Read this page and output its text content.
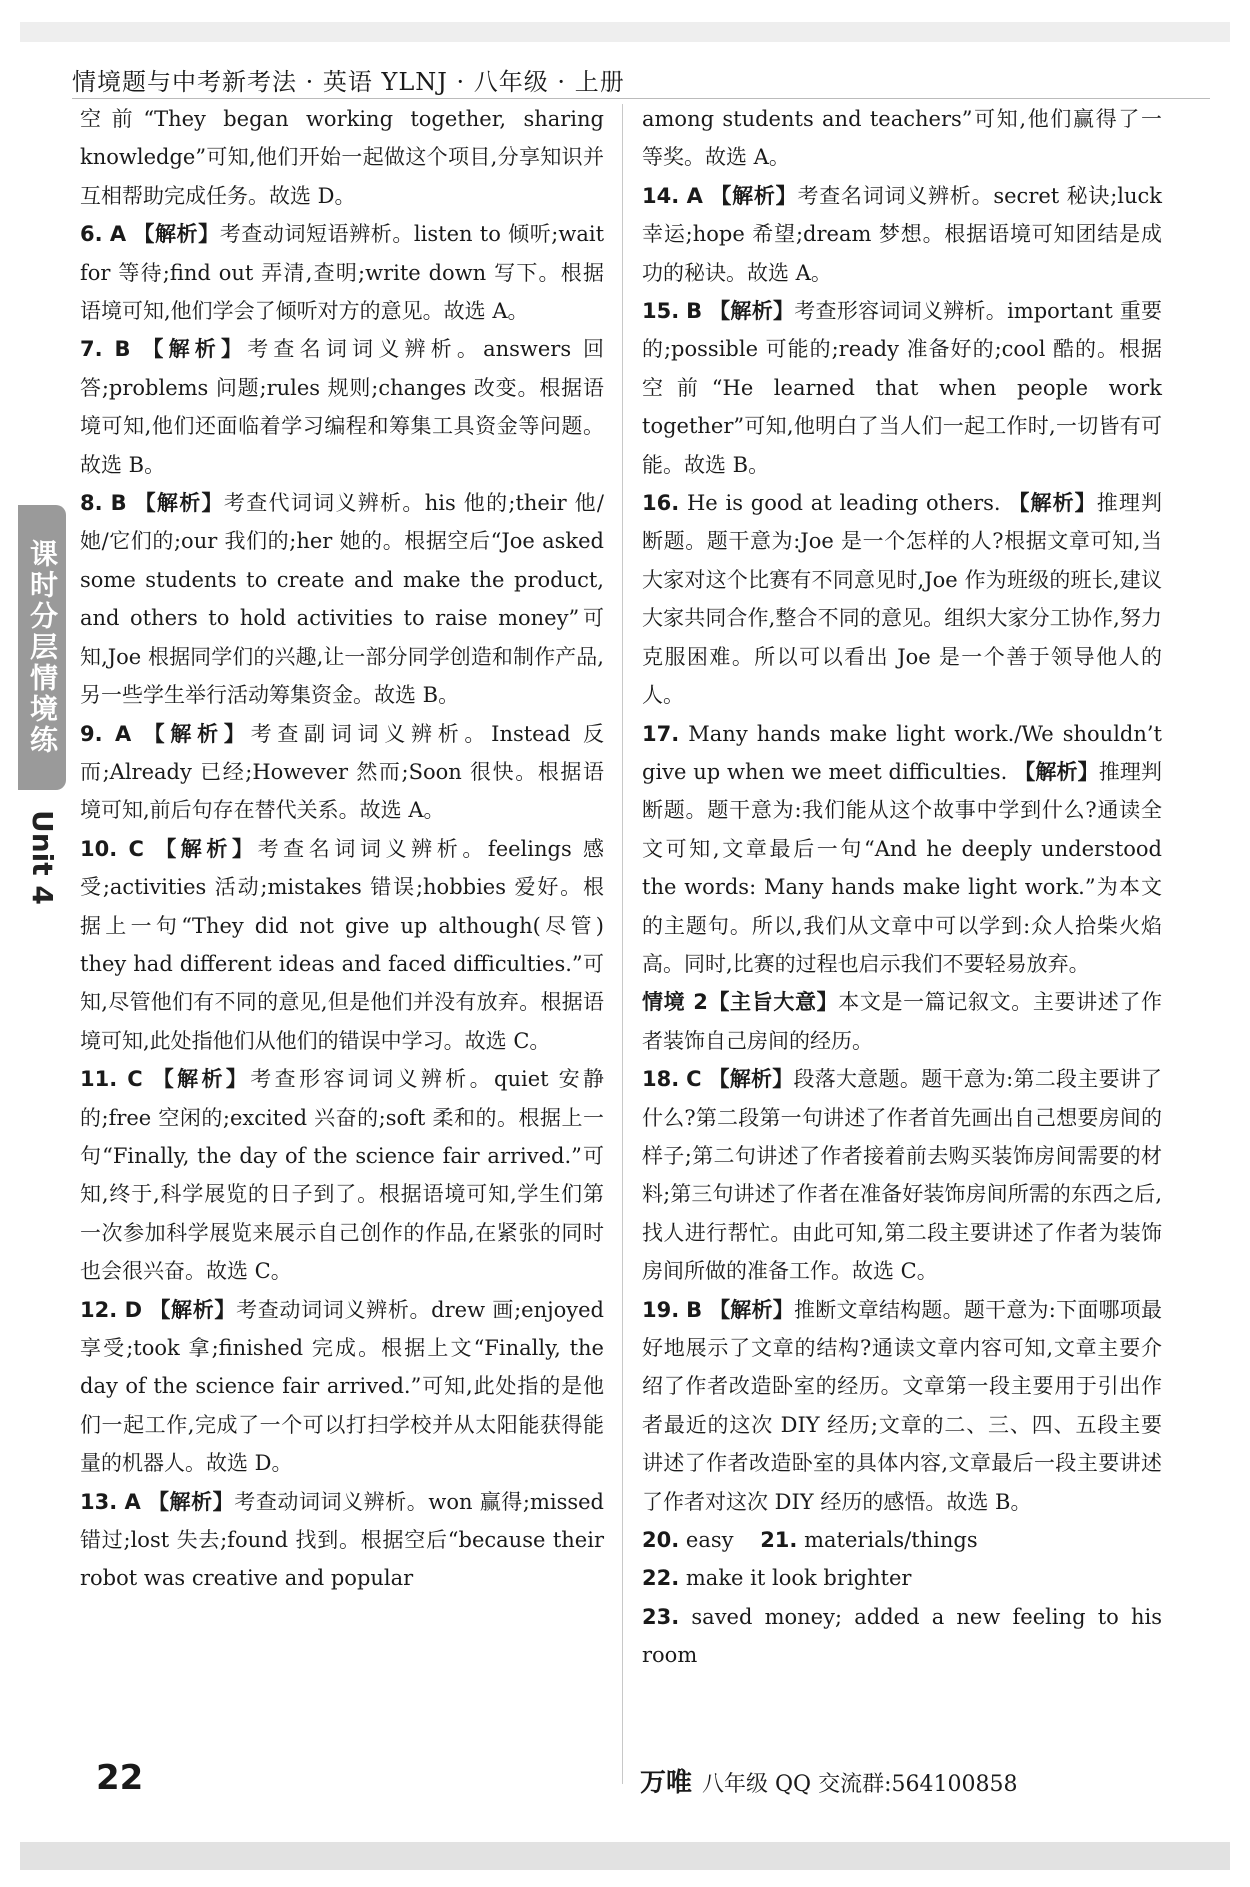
情境题与中考新考法 · 英语 YLNJ · 八年级 · 上册
课时分层情境练
Unit 4
空前“They began working together, sharing knowledge”可知,他们开始一起做这个项目,分享知识并互相帮助完成任务。故选 D。
6. A 【解析】考查动词短语辨析。listen to 倾听;wait for 等待;find out 弄清,查明;write down 写下。根据语境可知,他们学会了倾听对方的意见。故选 A。
7. B 【解析】考查名词词义辨析。answers 回答;problems 问题;rules 规则;changes 改变。根据语境可知,他们还面临着学习编程和筹集工具资金等问题。故选 B。
8. B 【解析】考查代词词义辨析。his 他的;their 他/她/它们的;our 我们的;her 她的。根据空后“Joe asked some students to create and make the product, and others to hold activities to raise money”可知,Joe 根据同学们的兴趣,让一部分同学创造和制作产品,另一些学生举行活动筹集资金。故选 B。
9. A 【解析】考查副词词义辨析。Instead 反而;Already 已经;However 然而;Soon 很快。根据语境可知,前后句存在替代关系。故选 A。
10. C 【解析】考查名词词义辨析。feelings 感受;activities 活动;mistakes 错误;hobbies 爱好。根据上一句“They did not give up although(尽管) they had different ideas and faced difficulties.”可知,尽管他们有不同的意见,但是他们并没有放弃。根据语境可知,此处指他们从他们的错误中学习。故选 C。
11. C 【解析】考查形容词词义辨析。quiet 安静的;free 空闲的;excited 兴奋的;soft 柔和的。根据上一句“Finally, the day of the science fair arrived.”可知,终于,科学展览的日子到了。根据语境可知,学生们第一次参加科学展览来展示自己创作的作品,在紧张的同时也会很兴奋。故选 C。
12. D 【解析】考查动词词义辨析。drew 画;enjoyed 享受;took 拿;finished 完成。根据上文“Finally, the day of the science fair arrived.”可知,此处指的是他们一起工作,完成了一个可以打扫学校并从太阳能获得能量的机器人。故选 D。
13. A 【解析】考查动词词义辨析。won 赢得;missed 错过;lost 失去;found 找到。根据空后“because their robot was creative and popular
among students and teachers”可知,他们赢得了一等奖。故选 A。
14. A 【解析】考查名词词义辨析。secret 秘诀;luck 幸运;hope 希望;dream 梦想。根据语境可知团结是成功的秘诀。故选 A。
15. B 【解析】考查形容词词义辨析。important 重要的;possible 可能的;ready 准备好的;cool 酷的。根据空前“He learned that when people work together”可知,他明白了当人们一起工作时,一切皆有可能。故选 B。
16. He is good at leading others. 【解析】推理判断题。题干意为:Joe 是一个怎样的人?根据文章可知,当大家对这个比赛有不同意见时,Joe 作为班级的班长,建议大家共同合作,整合不同的意见。组织大家分工协作,努力克服困难。所以可以看出 Joe 是一个善于领导他人的人。
17. Many hands make light work./We shouldn’t give up when we meet difficulties. 【解析】推理判断题。题干意为:我们能从这个故事中学到什么?通读全文可知,文章最后一句“And he deeply understood the words: Many hands make light work.”为本文的主题句。所以,我们从文章中可以学到:众人拾柴火焰高。同时,比赛的过程也启示我们不要轻易放弃。
情境 2【主旨大意】本文是一篇记叙文。主要讲述了作者装饰自己房间的经历。
18. C 【解析】段落大意题。题干意为:第二段主要讲了什么?第二段第一句讲述了作者首先画出自己想要房间的样子;第二句讲述了作者接着前去购买装饰房间需要的材料;第三句讲述了作者在准备好装饰房间所需的东西之后,找人进行帮忙。由此可知,第二段主要讲述了作者为装饰房间所做的准备工作。故选 C。
19. B 【解析】推断文章结构题。题干意为:下面哪项最好地展示了文章的结构?通读文章内容可知,文章主要介绍了作者改造卧室的经历。文章第一段主要用于引出作者最近的这次 DIY 经历;文章的二、三、四、五段主要讲述了作者改造卧室的具体内容,文章最后一段主要讲述了作者对这次 DIY 经历的感悟。故选 B。
20. easy 21. materials/things
22. make it look brighter
23. saved money; added a new feeling to his room
22	万唯 八年级 QQ 交流群:564100858
